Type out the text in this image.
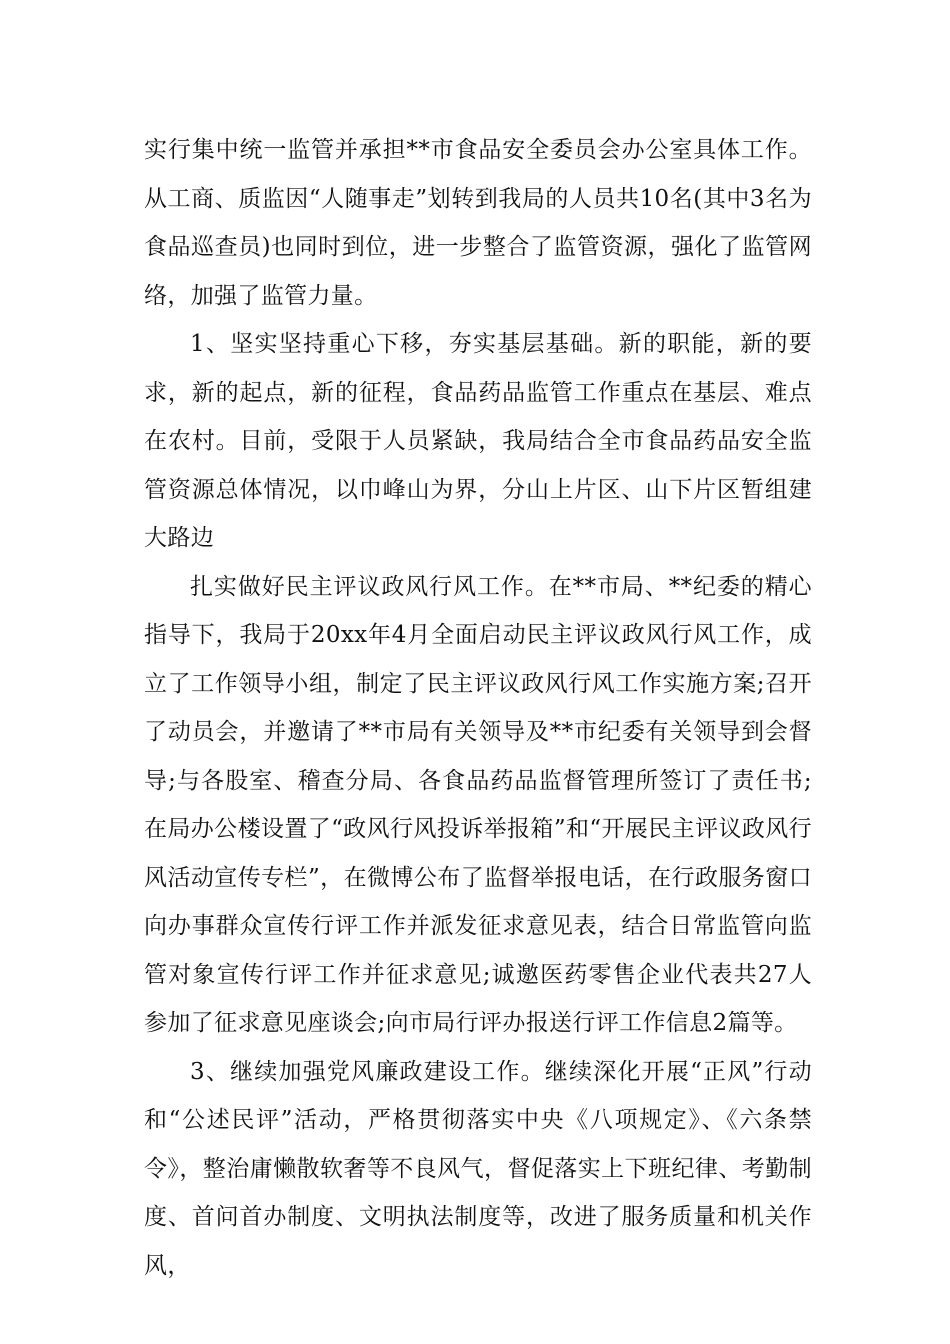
实行集中统一监管并承担**市食品安全委员会办公室具体工作。从工商、质监因“人随事走”划转到我局的人员共10名(其中3名为食品巡查员)也同时到位，进一步整合了监管资源，强化了监管网络，加强了监管力量。

1、坚实坚持重心下移，夯实基层基础。新的职能，新的要求，新的起点，新的征程，食品药品监管工作重点在基层、难点在农村。目前，受限于人员紧缺，我局结合全市食品药品安全监管资源总体情况，以巾峰山为界，分山上片区、山下片区暂组建大路边

扎实做好民主评议政风行风工作。在**市局、**纪委的精心指导下，我局于20xx年4月全面启动民主评议政风行风工作，成立了工作领导小组，制定了民主评议政风行风工作实施方案;召开了动员会，并邀请了**市局有关领导及**市纪委有关领导到会督导;与各股室、稽查分局、各食品药品监督管理所签订了责任书;在局办公楼设置了“政风行风投诉举报箱”和“开展民主评议政风行风活动宣传专栏”，在微博公布了监督举报电话，在行政服务窗口向办事群众宣传行评工作并派发征求意见表，结合日常监管向监管对象宣传行评工作并征求意见;诚邀医药零售企业代表共27人参加了征求意见座谈会;向市局行评办报送行评工作信息2篇等。

3、继续加强党风廉政建设工作。继续深化开展“正风”行动和“公述民评”活动，严格贯彻落实中央《八项规定》、《六条禁令》，整治庸懒散软奢等不良风气，督促落实上下班纪律、考勤制度、首问首办制度、文明执法制度等，改进了服务质量和机关作风，
